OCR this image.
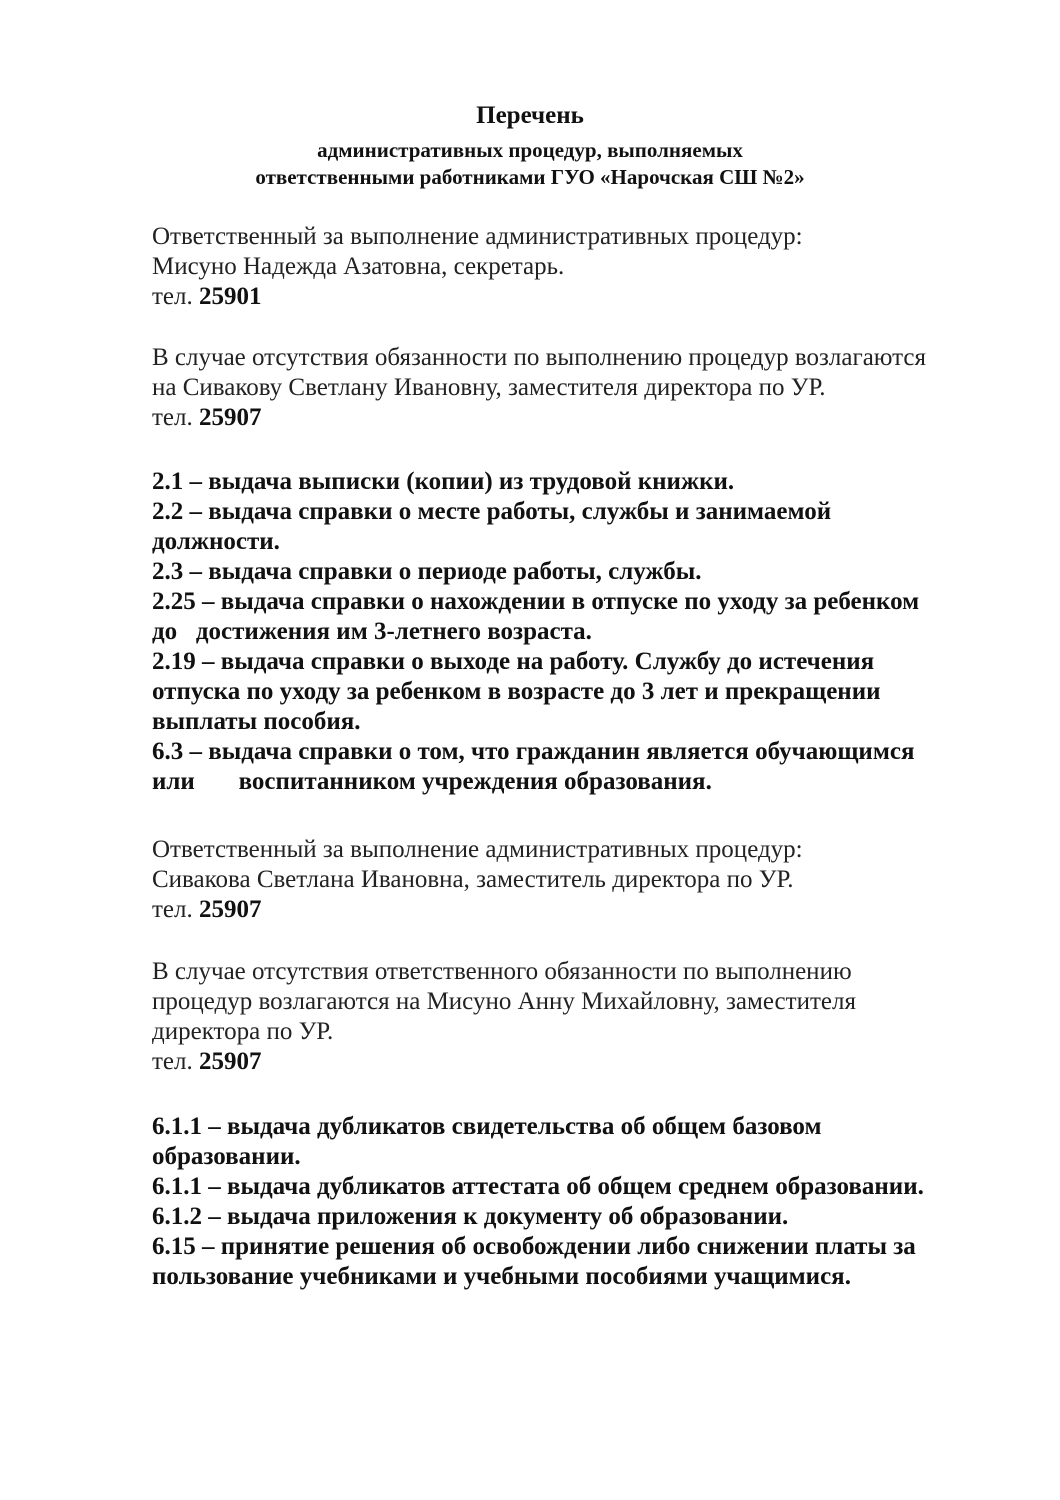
Перечень
административных процедур, выполняемых
ответственными работниками ГУО «Нарочская СШ №2»
Ответственный за выполнение административных процедур:
Мисуно Надежда Азатовна, секретарь.
тел. 25901
В случае отсутствия обязанности по выполнению процедур возлагаются
на Сивакову Светлану Ивановну, заместителя директора по УР.
тел. 25907
2.1 – выдача выписки (копии) из трудовой книжки.
2.2 – выдача справки о месте работы, службы и занимаемой
должности.
2.3 – выдача справки о периоде работы, службы.
2.25 – выдача справки о нахождении в отпуске по уходу за ребенком
до   достижения им 3-летнего возраста.
2.19 – выдача справки о выходе на работу. Службу до истечения
отпуска по уходу за ребенком в возрасте до 3 лет и прекращении
выплаты пособия.
6.3 – выдача справки о том, что гражданин является обучающимся
или       воспитанником учреждения образования.
Ответственный за выполнение административных процедур:
Сивакова Светлана Ивановна, заместитель директора по УР.
тел. 25907
В случае отсутствия ответственного обязанности по выполнению
процедур возлагаются на Мисуно Анну Михайловну, заместителя
директора по УР.
тел. 25907
6.1.1 – выдача дубликатов свидетельства об общем базовом
образовании.
6.1.1 – выдача дубликатов аттестата об общем среднем образовании.
6.1.2 – выдача приложения к документу об образовании.
6.15 – принятие решения об освобождении либо снижении платы за
пользование учебниками и учебными пособиями учащимися.
